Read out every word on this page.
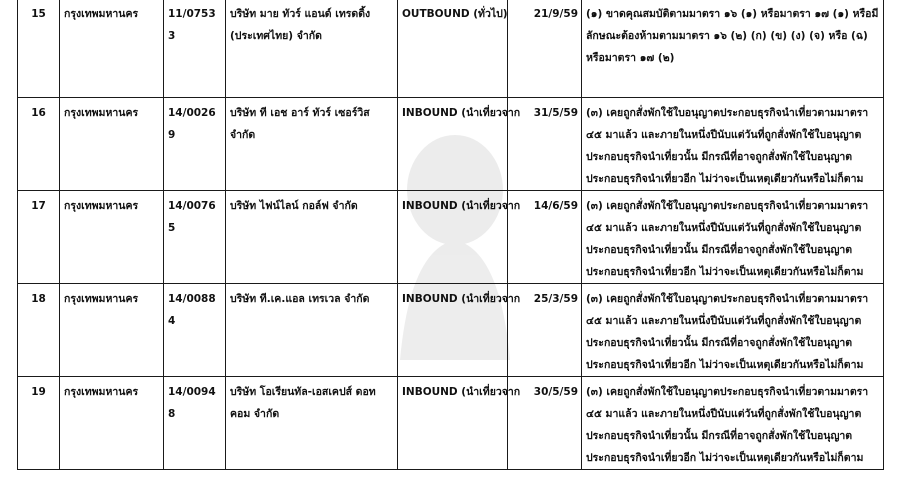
15	กรุงเทพมหานคร	11/07533	บริษัท มาย ทัวร์ แอนด์ เทรดดิ้ง (ประเทศไทย) จำกัด	OUTBOUND (ทั่วไป)	21/9/59	(๑) ขาดคุณสมบัติตามมาตรา ๑๖ (๑) หรือมาตรา ๑๗ (๑) หรือมีลักษณะต้องห้ามตามมาตรา ๑๖ (๒) (ก) (ข) (ง) (จ) หรือ (ฉ) หรือมาตรา ๑๗ (๒)
16	กรุงเทพมหานคร	14/00269	บริษัท ที เอช อาร์ ทัวร์ เซอร์วิส จำกัด	INBOUND (นำเที่ยวจาก	31/5/59	(๓) เคยถูกสั่งพักใช้ใบอนุญาตประกอบธุรกิจนำเที่ยวตามมาตรา ๔๕ มาแล้ว และภายในหนึ่งปีนับแต่วันที่ถูกสั่งพักใช้ใบอนุญาตประกอบธุรกิจนำเที่ยวนั้น มีกรณีที่อาจถูกสั่งพักใช้ใบอนุญาตประกอบธุรกิจนำเที่ยวอีก ไม่ว่าจะเป็นเหตุเดียวกันหรือไม่ก็ตาม
17	กรุงเทพมหานคร	14/00765	บริษัท ไฟน์ไลน์ กอล์ฟ จำกัด	INBOUND (นำเที่ยวจาก	14/6/59	(๓) เคยถูกสั่งพักใช้ใบอนุญาตประกอบธุรกิจนำเที่ยวตามมาตรา ๔๕ มาแล้ว และภายในหนึ่งปีนับแต่วันที่ถูกสั่งพักใช้ใบอนุญาตประกอบธุรกิจนำเที่ยวนั้น มีกรณีที่อาจถูกสั่งพักใช้ใบอนุญาตประกอบธุรกิจนำเที่ยวอีก ไม่ว่าจะเป็นเหตุเดียวกันหรือไม่ก็ตาม
18	กรุงเทพมหานคร	14/00884	บริษัท ที.เค.แอล เทรเวล จำกัด	INBOUND (นำเที่ยวจาก	25/3/59	(๓) เคยถูกสั่งพักใช้ใบอนุญาตประกอบธุรกิจนำเที่ยวตามมาตรา ๔๕ มาแล้ว และภายในหนึ่งปีนับแต่วันที่ถูกสั่งพักใช้ใบอนุญาตประกอบธุรกิจนำเที่ยวนั้น มีกรณีที่อาจถูกสั่งพักใช้ใบอนุญาตประกอบธุรกิจนำเที่ยวอีก ไม่ว่าจะเป็นเหตุเดียวกันหรือไม่ก็ตาม
19	กรุงเทพมหานคร	14/00948	บริษัท โอเรียนทัล-เอสเคปส์ ดอทคอม จำกัด	INBOUND (นำเที่ยวจาก	30/5/59	(๓) เคยถูกสั่งพักใช้ใบอนุญาตประกอบธุรกิจนำเที่ยวตามมาตรา ๔๕ มาแล้ว และภายในหนึ่งปีนับแต่วันที่ถูกสั่งพักใช้ใบอนุญาตประกอบธุรกิจนำเที่ยวนั้น มีกรณีที่อาจถูกสั่งพักใช้ใบอนุญาตประกอบธุรกิจนำเที่ยวอีก ไม่ว่าจะเป็นเหตุเดียวกันหรือไม่ก็ตาม
